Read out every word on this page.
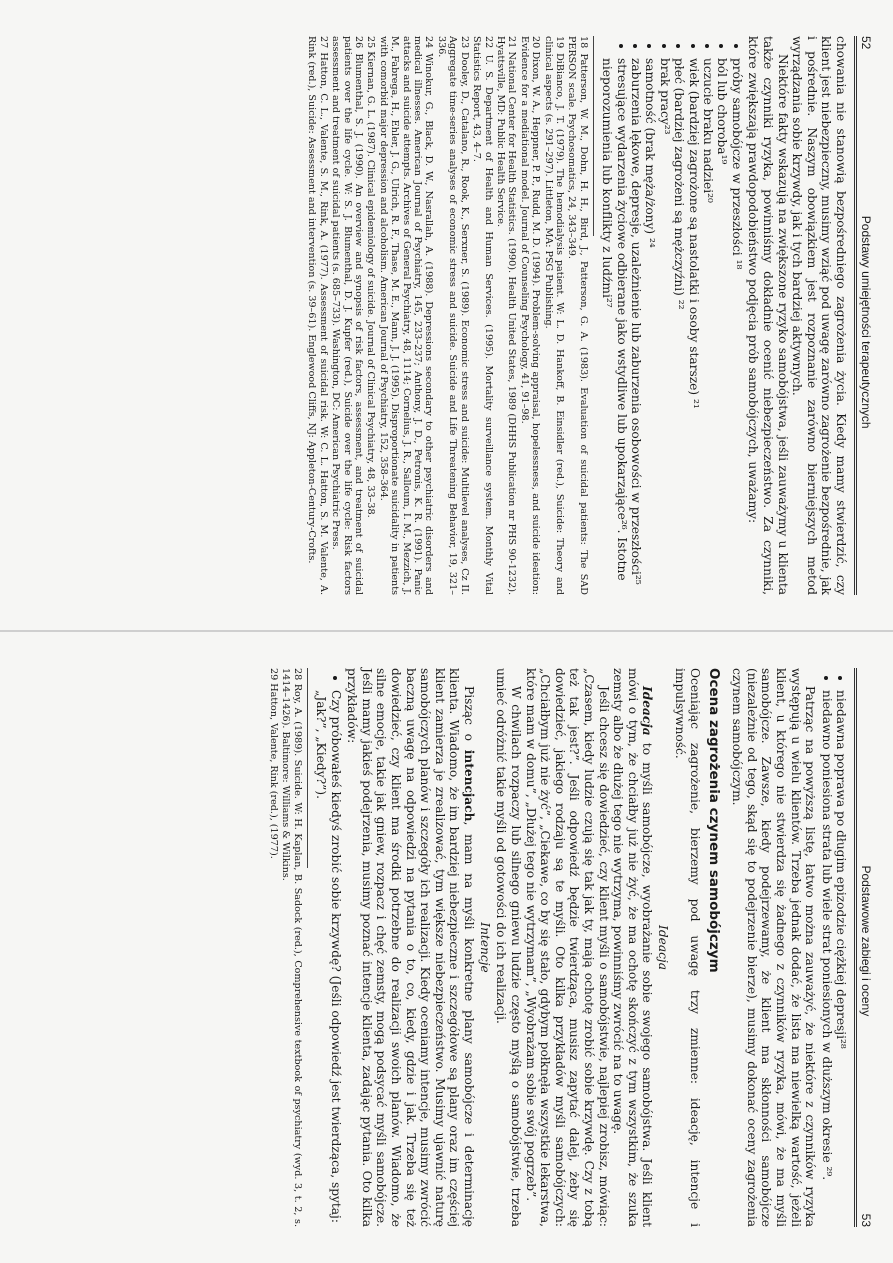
52
Podstawy umiejętności terapeutycznych

chowania nie stanowią bezpośredniego zagrożenia życia. Kiedy mamy stwierdzić, czy klient jest niebezpieczny, musimy wziąć pod uwagę zarówno zagrożenie bezpośrednie, jak i pośrednie. Naszym obowiązkiem jest rozpoznanie zarówno bierniejszych metod wyrządzania sobie krzywdy, jak i tych bardziej aktywnych.

Niektóre fakty wskazują na zwiększone ryzyko samobójstwa, jeśli zauważymy u klienta także czynniki ryzyka, powinniśmy dokładnie ocenić niebezpieczeństwo. Za czynniki, które zwiększają prawdopodobieństwo podjęcia prób samobójczych, uważamy:

• próby samobójcze w przeszłości ¹⁸
• ból lub choroba¹⁹
• uczucie braku nadziei²⁰
• wiek (bardziej zagrożone są nastolatki i osoby starsze) ²¹
• płeć (bardziej zagrożeni są mężczyźni) ²²
• brak pracy²³
• samotność (brak męża/żony) ²⁴
• zaburzenia lękowe, depresje, uzależnienie lub zaburzenia osobowości w przeszłości²⁵
• stresujące wydarzenia życiowe odbierane jako wstydliwe lub upokarzające²⁶. Istotne nieporozumienia lub konflikty z ludźmi²⁷

18 Patterson, W. M., Dohn, H. H., Bird, J., Patterson, G. A. (1983). Evaluation of suicidal patients: The SAD PERSON scale. Psychosomatics, 24, 343–349.

19 DiBianco, J. T. (1979). The hemodialysis patient. W: L. D. Hankoff, B. Einsidler (red.), Suicide: Theory and clinical aspects (s. 291–297). Littleton, MA: PSG Publishing.

20 Dixon, W. A., Heppner, P. P., Rudd, M. D. (1994). Problem-solving appraisal, hopelessness, and suicide ideation: Evidence for a mediational model. Journal of Counseling Psychology, 41, 91–98.

21 National Center for Health Statistics. (1990). Health United States, 1989 (DHHS Publication nr PHS 90-1232). Hyattsville, MD: Public Health Service.

22 U. S. Department of Health and Human Services. (1995). Mortality surveillance system. Monthly Vital Statistics Report, 43, 4–7.

23 Dooley, D., Catalano, R., Rook, K., Serxner, S. (1989). Economic stress and suicide: Multilevel analyses, Cz II. Aggregate time-series analyses of economic stress and suicide. Suicide and Life Threatening Behavior, 19, 321–336.

24 Winokur, G., Black, D. W., Nasrallah, A. (1988). Depressions secondary to other psychiatric disorders and medical illnesses. American Journal of Psychiatry, 145, 233–237; Anthony, J. D., Petronis, K. R. (1991). Panic attacks and suicide attempts. Archives of General Psychiatry, 48, 1114; Cornelius, J. R., Salloum, I. M., Mezzich, J. M., Fabrega, H., Ehler, J. G., Ulrich, R. F., Thase, M. E., Mann, J. J. (1995). Disproportionate suicidality in patients with comorbid major depression and alcoholism. American Journal of Psychiatry, 152, 358–364.

25 Kiernan, G. L. (1987). Clinical epidemiology of suicide. Journal of Clinical Psychiatry, 48, 33–38.

26 Blumenthal, S. J. (1990). An overview and synopsis of risk factors, assessment, and treatment of suicidal patients over the life cycle. W: S. J. Blumenthal, D. J. Kupfer (red.), Suicide over the life cycle: Risk factors assessment and treatment of suicidal patients (s. 685–733). Washington, DC: American Psychiatric Press.

27 Hatton, C. L., Valente, S. M., Rink, A. (1977). Assessment of suicidal risk. W: C. L. Hatton, S. M. Valente, A. Rink (red.), Suicide: Assessment and intervention (s. 39–61). Englewood Cliffs, NJ: Appleton-Century-Crofts.

Podstawowe zabiegi i oceny
53
• niedawna poprawa po długim epizodzie ciężkiej depresji²⁸
• niedawno poniesiona strata lub wiele strat poniesionych w dłuższym okresie ²⁹.

Patrząc na powyższą listę, łatwo można zauważyć, że niektóre z czynników ryzyka występują u wielu klientów. Trzeba jednak dodać, że lista ma niewielką wartość, jeżeli klient, u którego nie stwierdza się żadnego z czynników ryzyka, mówi, że ma myśli samobójcze. Zawsze, kiedy podejrzewamy, że klient ma skłonności samobójcze (niezależnie od tego, skąd się to podejrzenie bierze), musimy dokonać oceny zagrożenia czynem samobójczym.

Ocena zagrożenia czynem samobójczym

Oceniając zagrożenie, bierzemy pod uwagę trzy zmienne: ideację, intencje i impulsywność.

Ideacja

Ideacja to myśli samobójcze, wyobrażanie sobie swojego samobójstwa. Jeśli klient mówi o tym, że chciałby już nie żyć, że ma ochotę skończyć z tym wszystkim, że szuka zemsty albo że dłużej tego nie wytrzyma, powinniśmy zwrócić na to uwagę.

Jeśli chcesz się dowiedzieć, czy klient myśli o samobójstwie, najlepiej zrobisz, mówiąc: „Czasem, kiedy ludzie czują się tak jak ty, mają ochotę zrobić sobie krzywdę. Czy z tobą też tak jest?”. Jeśli odpowiedź będzie twierdząca, musisz zapytać dalej, żeby się dowiedzieć, jakiego rodzaju są te myśli. Oto kilka przykładów myśli samobójczych: „Chciałbym już nie żyć”, „Ciekawe, co by się stało, gdybym połknęła wszystkie lekarstwa, które mam w domu”, „Dłużej tego nie wytrzymam”, „Wyobrażam sobie swój pogrzeb”.

W chwilach rozpaczy lub silnego gniewu ludzie często myślą o samobójstwie, trzeba umieć odróżnić takie myśli od gotowości do ich realizacji.

Intencje

Pisząc o intencjach, mam na myśli konkretne plany samobójcze i determinację klienta. Wiadomo, że im bardziej niebezpieczne i szczegółowe są plany oraz im częściej klient zamierza je zrealizować, tym większe niebezpieczeństwo. Musimy ujawnić naturę samobójczych planów i szczegóły ich realizacji. Kiedy oceniamy intencje, musimy zwrócić baczną uwagę na odpowiedzi na pytania o to, co, kiedy, gdzie i jak. Trzeba się też dowiedzieć, czy klient ma środki potrzebne do realizacji swoich planów. Wiadomo, że silne emocje, takie jak gniew, rozpacz i chęć zemsty, mogą podsycać myśli samobójcze. Jeśli mamy jakieś podejrzenia, musimy poznać intencje klienta, zadając pytania. Oto kilka przykładów:

• Czy próbowałeś kiedyś zrobić sobie krzywdę? (Jeśli odpowiedź jest twierdząca, spytaj: „Jak?”, „Kiedy?”).

28 Roy, A. (1989). Suicide. W: H. Kaplan, B. Sadock (red.), Comprehensive textbook of psychiatry (wyd. 3, t. 2, s. 1414–1426). Baltimore: Williams & Wilkins.

29 Hatton, Valente, Rink (red.), (1977).
